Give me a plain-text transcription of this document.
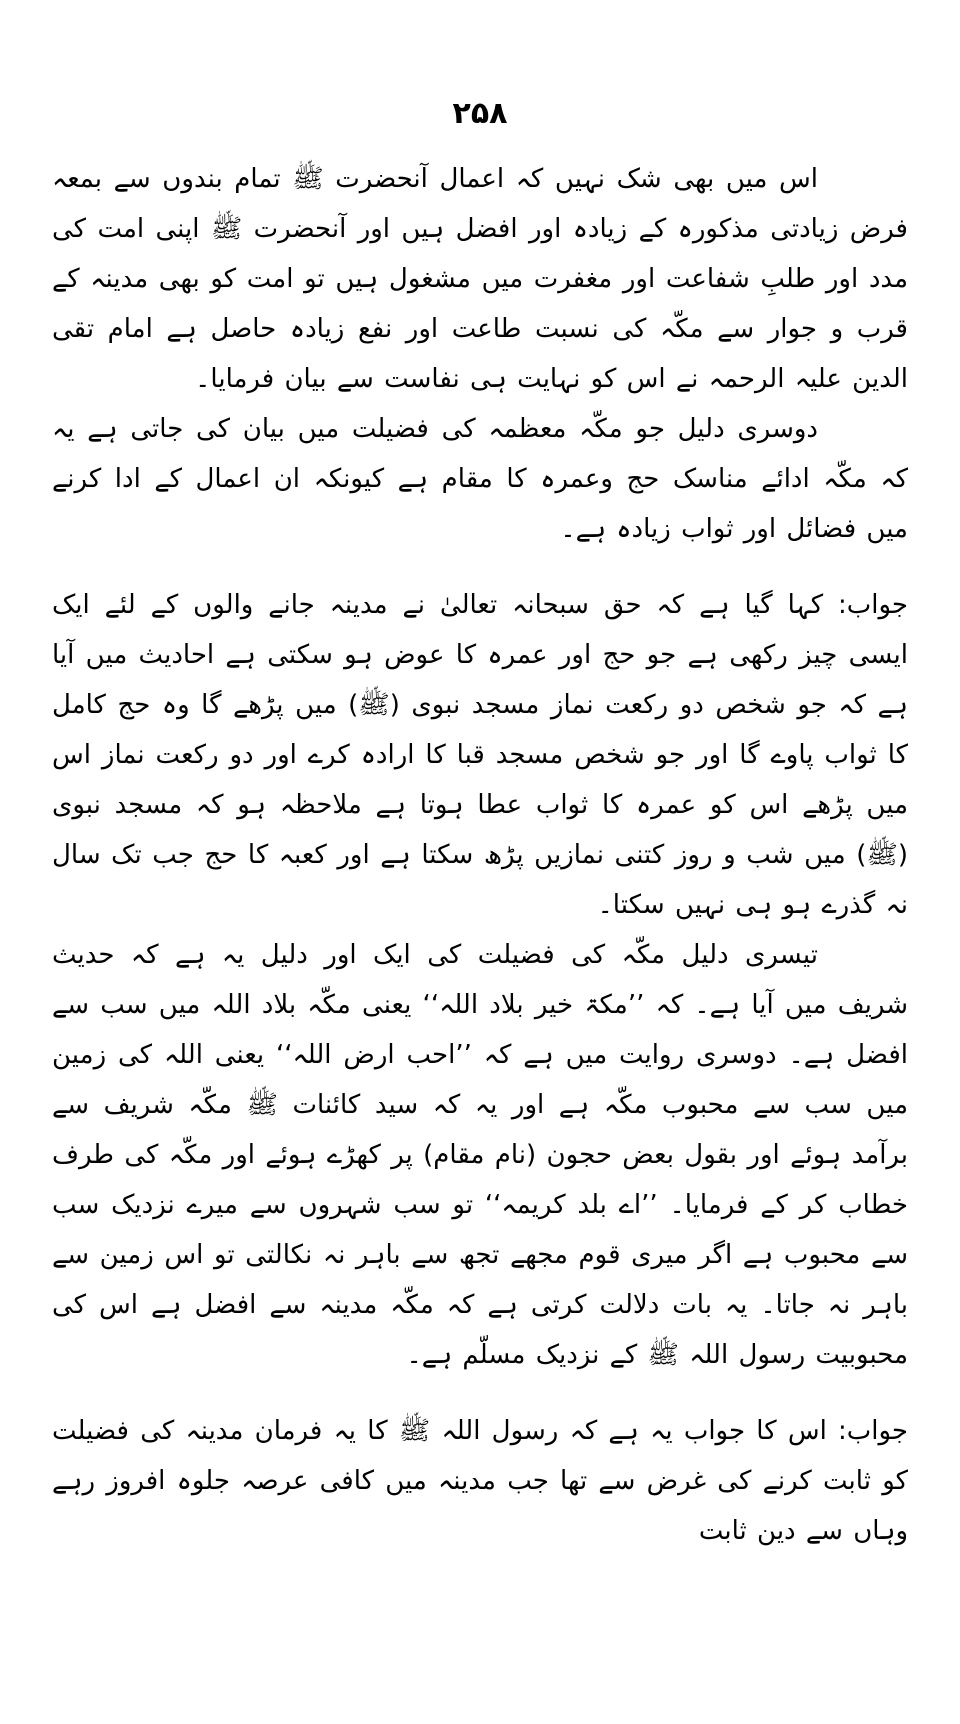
۲۵۸

اس میں بھی شک نہیں کہ اعمال آنحضرت ﷺ تمام بندوں سے بمعہ فرض زیادتی مذکورہ کے زیادہ اور افضل ہیں اور آنحضرت ﷺ اپنی امت کی مدد اور طلبِ شفاعت اور مغفرت میں مشغول ہیں تو امت کو بھی مدینہ کے قرب و جوار سے مکّہ کی نسبت طاعت اور نفع زیادہ حاصل ہے امام تقی الدین علیہ الرحمہ نے اس کو نہایت ہی نفاست سے بیان فرمایا۔

دوسری دلیل جو مکّہ معظمہ کی فضیلت میں بیان کی جاتی ہے یہ کہ مکّہ ادائے مناسک حج وعمرہ کا مقام ہے کیونکہ ان اعمال کے ادا کرنے میں فضائل اور ثواب زیادہ ہے۔

جواب: کہا گیا ہے کہ حق سبحانہ تعالیٰ نے مدینہ جانے والوں کے لئے ایک ایسی چیز رکھی ہے جو حج اور عمرہ کا عوض ہو سکتی ہے احادیث میں آیا ہے کہ جو شخص دو رکعت نماز مسجد نبوی (ﷺ) میں پڑھے گا وہ حج کامل کا ثواب پاوے گا اور جو شخص مسجد قبا کا ارادہ کرے اور دو رکعت نماز اس میں پڑھے اس کو عمرہ کا ثواب عطا ہوتا ہے ملاحظہ ہو کہ مسجد نبوی (ﷺ) میں شب و روز کتنی نمازیں پڑھ سکتا ہے اور کعبہ کا حج جب تک سال نہ گذرے ہو ہی نہیں سکتا۔

تیسری دلیل مکّہ کی فضیلت کی ایک اور دلیل یہ ہے کہ حدیث شریف میں آیا ہے۔ کہ ’’مکۃ خیر بلاد اللہ‘‘ یعنی مکّہ بلاد اللہ میں سب سے افضل ہے۔ دوسری روایت میں ہے کہ ’’احب ارض اللہ‘‘ یعنی اللہ کی زمین میں سب سے محبوب مکّہ ہے اور یہ کہ سید کائنات ﷺ مکّہ شریف سے برآمد ہوئے اور بقول بعض حجون (نام مقام) پر کھڑے ہوئے اور مکّہ کی طرف خطاب کر کے فرمایا۔ ’’اے بلد کریمہ‘‘ تو سب شہروں سے میرے نزدیک سب سے محبوب ہے اگر میری قوم مجھے تجھ سے باہر نہ نکالتی تو اس زمین سے باہر نہ جاتا۔ یہ بات دلالت کرتی ہے کہ مکّہ مدینہ سے افضل ہے اس کی محبوبیت رسول اللہ ﷺ کے نزدیک مسلّم ہے۔

جواب: اس کا جواب یہ ہے کہ رسول اللہ ﷺ کا یہ فرمان مدینہ کی فضیلت کو ثابت کرنے کی غرض سے تھا جب مدینہ میں کافی عرصہ جلوہ افروز رہے وہاں سے دین ثابت
